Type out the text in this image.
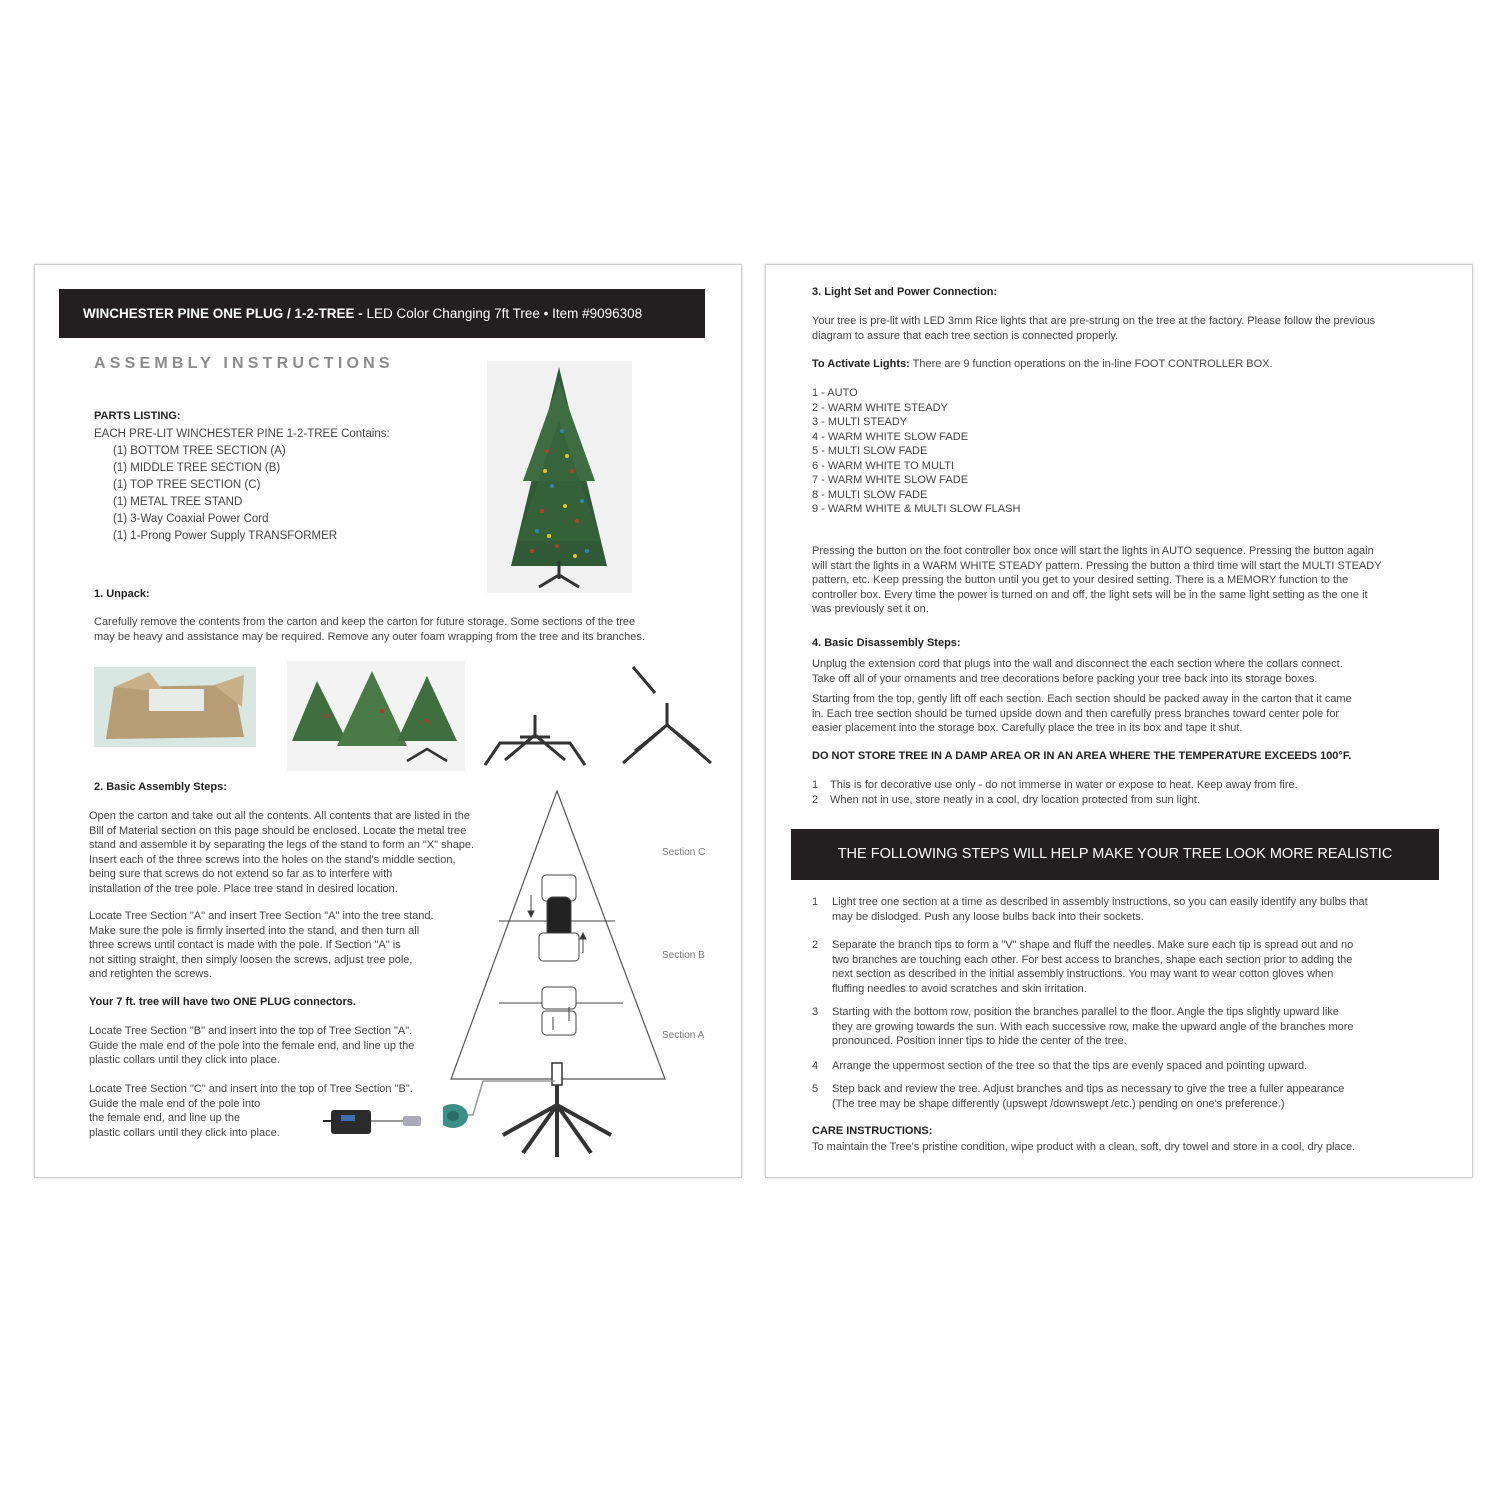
WINCHESTER PINE ONE PLUG / 1-2-TREE - LED Color Changing 7ft Tree • Item #9096308
ASSEMBLY INSTRUCTIONS
PARTS LISTING:
EACH PRE-LIT WINCHESTER PINE 1-2-TREE Contains:
(1) BOTTOM TREE SECTION (A)
(1) MIDDLE TREE SECTION (B)
(1) TOP TREE SECTION (C)
(1) METAL TREE STAND
(1) 3-Way Coaxial Power Cord
(1) 1-Prong Power Supply TRANSFORMER
1. Unpack:
Carefully remove the contents from the carton and keep the carton for future storage. Some sections of the tree
may be heavy and assistance may be required. Remove any outer foam wrapping from the tree and its branches.
2. Basic Assembly Steps:
Open the carton and take out all the contents. All contents that are listed in the
Bill of Material section on this page should be enclosed. Locate the metal tree
stand and assemble it by separating the legs of the stand to form an "X" shape.
Insert each of the three screws into the holes on the stand's middle section,
being sure that screws do not extend so far as to interfere with
installation of the tree pole. Place tree stand in desired location.
Locate Tree Section "A" and insert Tree Section "A" into the tree stand.
Make sure the pole is firmly inserted into the stand, and then turn all
three screws until contact is made with the pole. If Section "A" is
not sitting straight, then simply loosen the screws, adjust tree pole,
and retighten the screws.
Your 7 ft. tree will have two ONE PLUG connectors.
Locate Tree Section "B" and insert into the top of Tree Section "A".
Guide the male end of the pole into the female end, and line up the
plastic collars until they click into place.
Locate Tree Section "C" and insert into the top of Tree Section "B".
Guide the male end of the pole into
the female end, and line up the
plastic collars until they click into place.
Section C
Section B
Section A
3. Light Set and Power Connection:
Your tree is pre-lit with LED 3mm Rice lights that are pre-strung on the tree at the factory. Please follow the previous
diagram to assure that each tree section is connected properly.
To Activate Lights: There are 9 function operations on the in-line FOOT CONTROLLER BOX.
1 - AUTO
2 - WARM WHITE STEADY
3 - MULTI STEADY
4 - WARM WHITE SLOW FADE
5 - MULTI SLOW FADE
6 - WARM WHITE TO MULTI
7 - WARM WHITE SLOW FADE
8 - MULTI SLOW FADE
9 - WARM WHITE & MULTI SLOW FLASH
Pressing the button on the foot controller box once will start the lights in AUTO sequence. Pressing the button again
will start the lights in a WARM WHITE STEADY pattern. Pressing the button a third time will start the MULTI STEADY
pattern, etc. Keep pressing the button until you get to your desired setting. There is a MEMORY function to the
controller box. Every time the power is turned on and off, the light sets will be in the same light setting as the one it
was previously set it on.
4. Basic Disassembly Steps:
Unplug the extension cord that plugs into the wall and disconnect the each section where the collars connect.
Take off all of your ornaments and tree decorations before packing your tree back into its storage boxes.
Starting from the top, gently lift off each section. Each section should be packed away in the carton that it came
in. Each tree section should be turned upside down and then carefully press branches toward center pole for
easier placement into the storage box. Carefully place the tree in its box and tape it shut.
DO NOT STORE TREE IN A DAMP AREA OR IN AN AREA WHERE THE TEMPERATURE EXCEEDS 100°F.
1 This is for decorative use only - do not immerse in water or expose to heat. Keep away from fire.
2 When not in use, store neatly in a cool, dry location protected from sun light.
THE FOLLOWING STEPS WILL HELP MAKE YOUR TREE LOOK MORE REALISTIC
1 Light tree one section at a time as described in assembly instructions, so you can easily identify any bulbs that
may be dislodged. Push any loose bulbs back into their sockets.
2 Separate the branch tips to form a "V" shape and fluff the needles. Make sure each tip is spread out and no
two branches are touching each other. For best access to branches, shape each section prior to adding the
next section as described in the initial assembly instructions. You may want to wear cotton gloves when
fluffing needles to avoid scratches and skin irritation.
3 Starting with the bottom row, position the branches parallel to the floor. Angle the tips slightly upward like
they are growing towards the sun. With each successive row, make the upward angle of the branches more
pronounced. Position inner tips to hide the center of the tree.
4 Arrange the uppermost section of the tree so that the tips are evenly spaced and pointing upward.
5 Step back and review the tree. Adjust branches and tips as necessary to give the tree a fuller appearance
(The tree may be shape differently (upswept /downswept /etc.) pending on one's preference.)
CARE INSTRUCTIONS:
To maintain the Tree's pristine condition, wipe product with a clean, soft, dry towel and store in a cool, dry place.
